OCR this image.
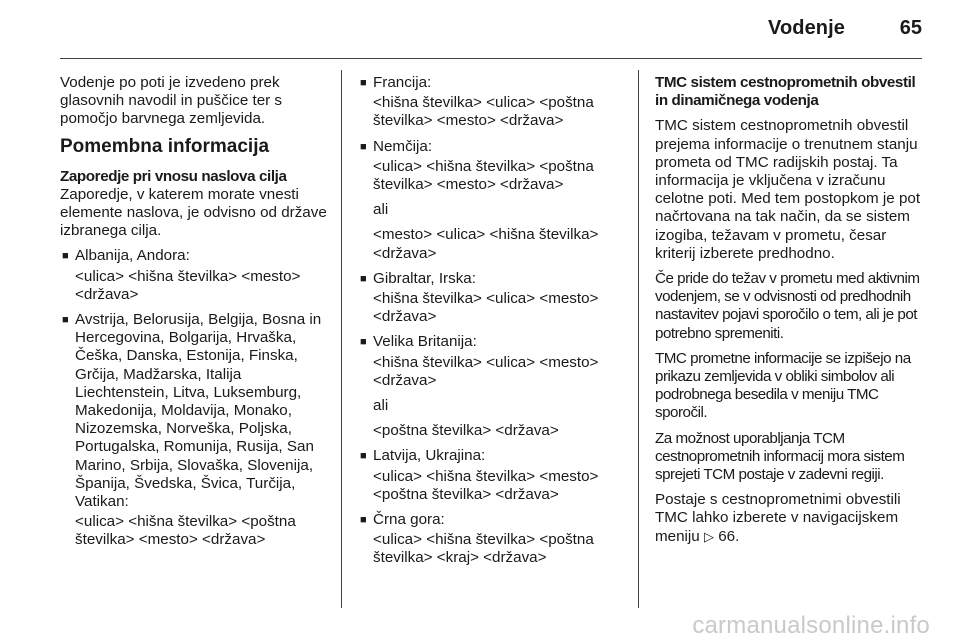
Vodenje	65

Vodenje po poti je izvedeno prek glasovnih navodil in puščice ter s pomočjo barvnega zemljevida.

Pomembna informacija

Zaporedje pri vnosu naslova cilja

Zaporedje, v katerem morate vnesti elemente naslova, je odvisno od države izbranega cilja.

■ Albanija, Andora:
<ulica> <hišna številka> <mesto> <država>
■ Avstrija, Belorusija, Belgija, Bosna in Hercegovina, Bolgarija, Hrvaška, Češka, Danska, Estonija, Finska, Grčija, Madžarska, Italija Liechtenstein, Litva, Luksemburg, Makedonija, Moldavija, Monako, Nizozemska, Norveška, Poljska, Portugalska, Romunija, Rusija, San Marino, Srbija, Slovaška, Slovenija, Španija, Švedska, Švica, Turčija, Vatikan:
<ulica> <hišna številka> <poštna številka> <mesto> <država>
■ Francija:
<hišna številka> <ulica> <poštna številka> <mesto> <država>
■ Nemčija:
<ulica> <hišna številka> <poštna številka> <mesto> <država>
ali
<mesto> <ulica> <hišna številka> <država>
■ Gibraltar, Irska:
<hišna številka> <ulica> <mesto> <država>
■ Velika Britanija:
<hišna številka> <ulica> <mesto> <država>
ali
<poštna številka> <država>
■ Latvija, Ukrajina:
<ulica> <hišna številka> <mesto> <poštna številka> <država>
■ Črna gora:
<ulica> <hišna številka> <poštna številka> <kraj> <država>

TMC sistem cestnoprometnih obvestil in dinamičnega vodenja

TMC sistem cestnoprometnih obvestil prejema informacije o trenutnem stanju prometa od TMC radijskih postaj. Ta informacija je vključena v izračunu celotne poti. Med tem postopkom je pot načrtovana na tak način, da se sistem izogiba, težavam v prometu, česar kriterij izberete predhodno.

Če pride do težav v prometu med aktivnim vodenjem, se v odvisnosti od predhodnih nastavitev pojavi sporočilo o tem, ali je pot potrebno spremeniti.

TMC prometne informacije se izpišejo na prikazu zemljevida v obliki simbolov ali podrobnega besedila v meniju TMC sporočil.

Za možnost uporabljanja TCM cestnoprometnih informacij mora sistem sprejeti TCM postaje v zadevni regiji.

Postaje s cestnoprometnimi obvestili TMC lahko izberete v navigacijskem meniju ▷ 66.

carmanualsonline.info
